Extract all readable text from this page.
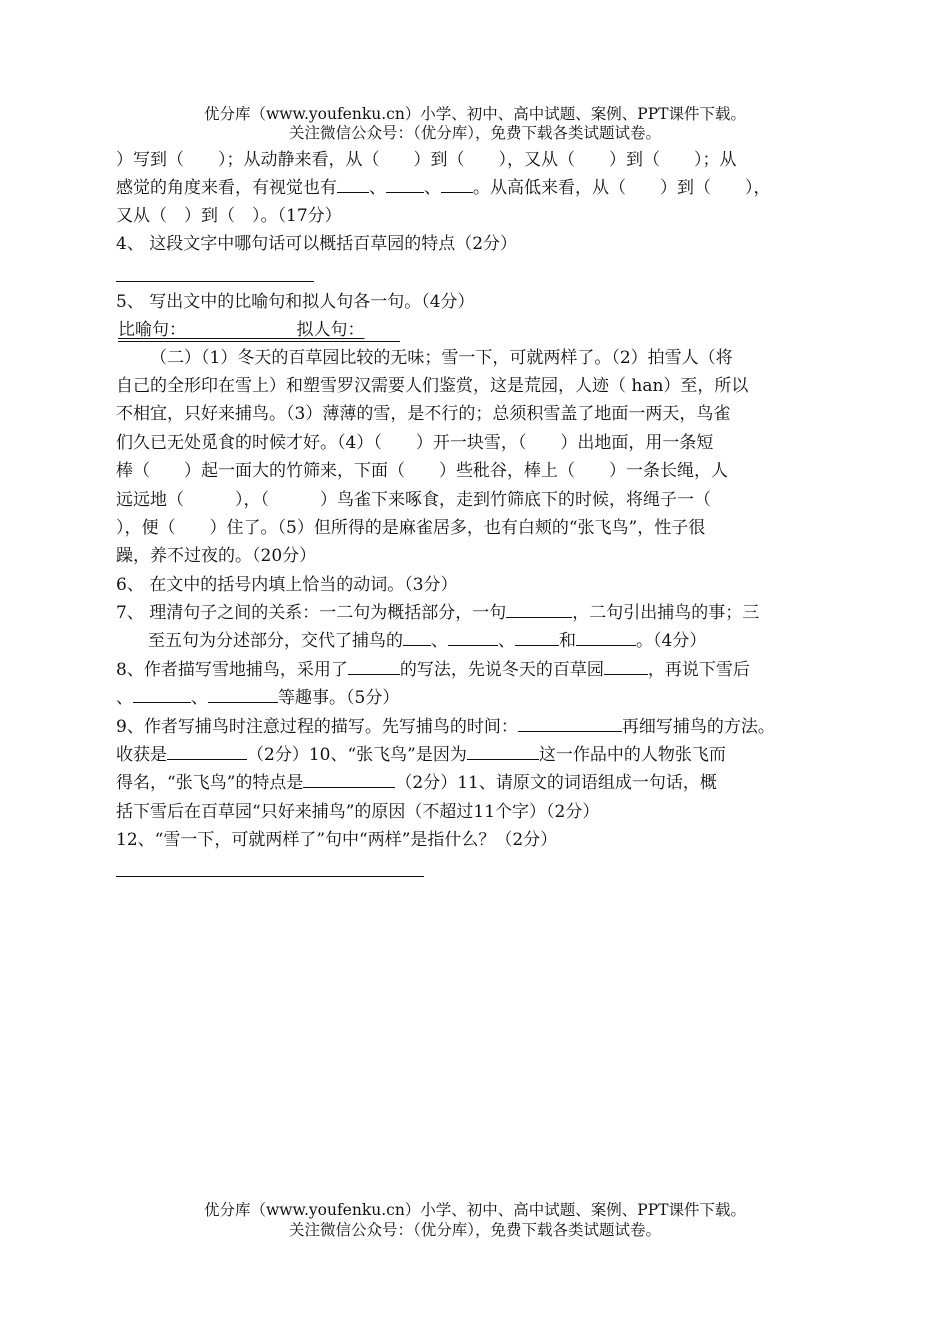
优分库（www.youfenku.cn）小学、初中、高中试题、案例、PPT课件下载。
关注微信公众号：（优分库），免费下载各类试题试卷。
）写到（　　）；从动静来看，从（　　）到（　　），又从（　　）到（　　）；从
感觉的角度来看，有视觉也有 、 、 。从高低来看，从（　　）到（　　），
又从（　）到（　）。（17分）
4、 这段文字中哪句话可以概括百草园的特点（2分）
5、 写出文中的比喻句和拟人句各一句。（4分）
比喻句：　　　　　　　拟人句：
（二）（1）冬天的百草园比较的无味；雪一下，可就两样了。（2）拍雪人（将
自己的全形印在雪上）和塑雪罗汉需要人们鉴赏，这是荒园，人迹（ han）至，所以
不相宜，只好来捕鸟。（3）薄薄的雪，是不行的；总须积雪盖了地面一两天，鸟雀
们久已无处觅食的时候才好。（4）（　　）开一块雪，（　　）出地面，用一条短
棒（　　）起一面大的竹筛来，下面（　　）些秕谷，棒上（　　）一条长绳，人
远远地（　　　），（　　　）鸟雀下来啄食，走到竹筛底下的时候，将绳子一（
），便（　　）住了。（5）但所得的是麻雀居多，也有白颊的“张飞鸟”，性子很
躁，养不过夜的。（20分）
6、 在文中的括号内填上恰当的动词。（3分）
7、 理清句子之间的关系：一二句为概括部分，一句	，二句引出捕鸟的事；三
至五句为分述部分，交代了捕鸟的 、	、	和	。（4分）
8、作者描写雪地捕鸟，采用了	的写法，先说冬天的百草园	，再说下雪后
、	、	等趣事。（5分）
9、作者写捕鸟时注意过程的描写。先写捕鸟的时间：	再细写捕鸟的方法。
收获是	（2分）10、“张飞鸟”是因为	这一作品中的人物张飞而
得名，“张飞鸟”的特点是	（2分）11、请原文的词语组成一句话，概
括下雪后在百草园“只好来捕鸟”的原因（不超过11个字）（2分）
12、“雪一下，可就两样了”句中“两样”是指什么？（2分）
优分库（www.youfenku.cn）小学、初中、高中试题、案例、PPT课件下载。
关注微信公众号：（优分库），免费下载各类试题试卷。
